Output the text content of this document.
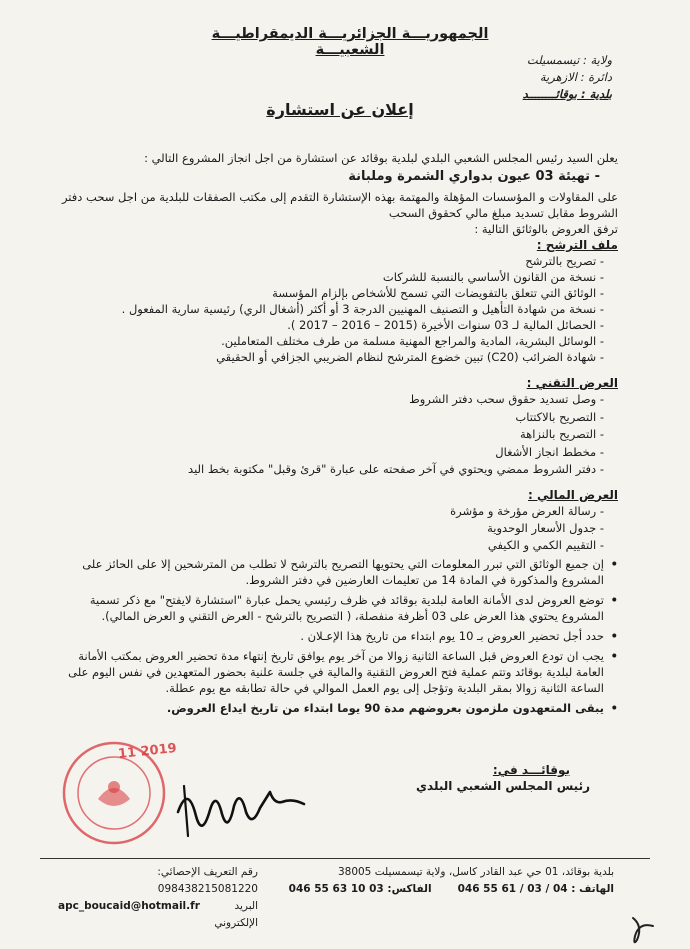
الجمهوريـــة الجزائريـــة الديمقراطيـــة الشعبيـــة
ولاية : تيسمسيلت
دائرة : الازهرية
بلدية : بوقائــــــــد
إعلان عن استشارة
يعلن السيد رئيس المجلس الشعبي البلدي لبلدية بوقائد عن استشارة من اجل انجاز المشروع التالي :
- تهيئة 03 عيون بدواري الشمرة وملبانة
على المقاولات و المؤسسات المؤهلة والمهتمة بهذه الإستشارة التقدم إلى مكتب الصفقات للبلدية من اجل سحب دفتر الشروط مقابل تسديد مبلغ مالي كحقوق السحب
ترفق العروض بالوثائق التالية :
ملف الترشح :
- تصريح بالترشح
- نسخة من القانون الأساسي بالنسبة للشركات
- الوثائق التي تتعلق بالتفويضات التي تسمح للأشخاص بإلزام المؤسسة
- نسخة من شهادة التأهيل و التصنيف المهنيين الدرجة 3 أو أكثر (أشغال الري) رئيسية سارية المفعول .
- الحصائل المالية لـ 03 سنوات الأخيرة (2015 – 2016 – 2017 ).
- الوسائل البشرية، المادية والمراجع المهنية مسلمة من طرف مختلف المتعاملين.
- شهادة الضرائب (C20) تبين خضوع المترشح لنظام الضريبي الجزافي أو الحقيقي
العرض التقني :
- وصل تسديد حقوق سحب دفتر الشروط
- التصريح بالاكتتاب
- التصريح بالنزاهة
- مخطط انجاز الأشغال
- دفتر الشروط ممضي ويحتوي في آخر صفحته على عبارة "قرئ وقبل" مكتوبة بخط اليد
العرض المالي :
- رسالة العرض مؤرخة و مؤشرة
- جدول الأسعار الوحدوية
- التقييم الكمي و الكيفي
• إن جميع الوثائق التي تبرر المعلومات التي يحتويها التصريح بالترشح لا تطلب من المترشحين إلا على الحائز على المشروع والمذكورة في المادة 14 من تعليمات العارضين في دفتر الشروط.
• توضع العروض لدى الأمانة العامة لبلدية بوقائد في ظرف رئيسي يحمل عبارة "استشارة لايفتح" مع ذكر تسمية المشروع يحتوي هذا العرض على 03 أظرفة منفصلة، ( التصريح بالترشح - العرض التقني و العرض المالي).
• حدد أجل تحضير العروض بـ 10 يوم ابتداء من تاريخ هذا الإعـلان .
• يجب ان تودع العروض قبل الساعة الثانية زوالا من آخر يوم يوافق تاريخ إنتهاء مدة تحضير العروض بمكتب الأمانة العامة لبلدية بوقائد وتتم عملية فتح العروض التقنية والمالية في جلسة علنية بحضور المتعهدين في نفس اليوم على الساعة الثانية زوالا بمقر البلدية وتؤجل إلى يوم العمل الموالي في حالة تطابقه مع يوم عطلة.
• يبقى المتعهدون ملزمون بعروضهم مدة 90 يوما ابتداء من تاريخ ايداع العروض.
بوقائـــد في:
رئيس المجلس الشعبي البلدي
11 2019
بلدية بوقائد، 01 حي عبد القادر كاسل، ولاية تيسمسيلت 38005
الهاتف : 04 / 03 / 61 55 046
الفاكس: 03 10 63 55 046
رقم التعريف الإحصائي: 098438215081220
البريد الإلكتروني
apc_boucaid@hotmail.fr
